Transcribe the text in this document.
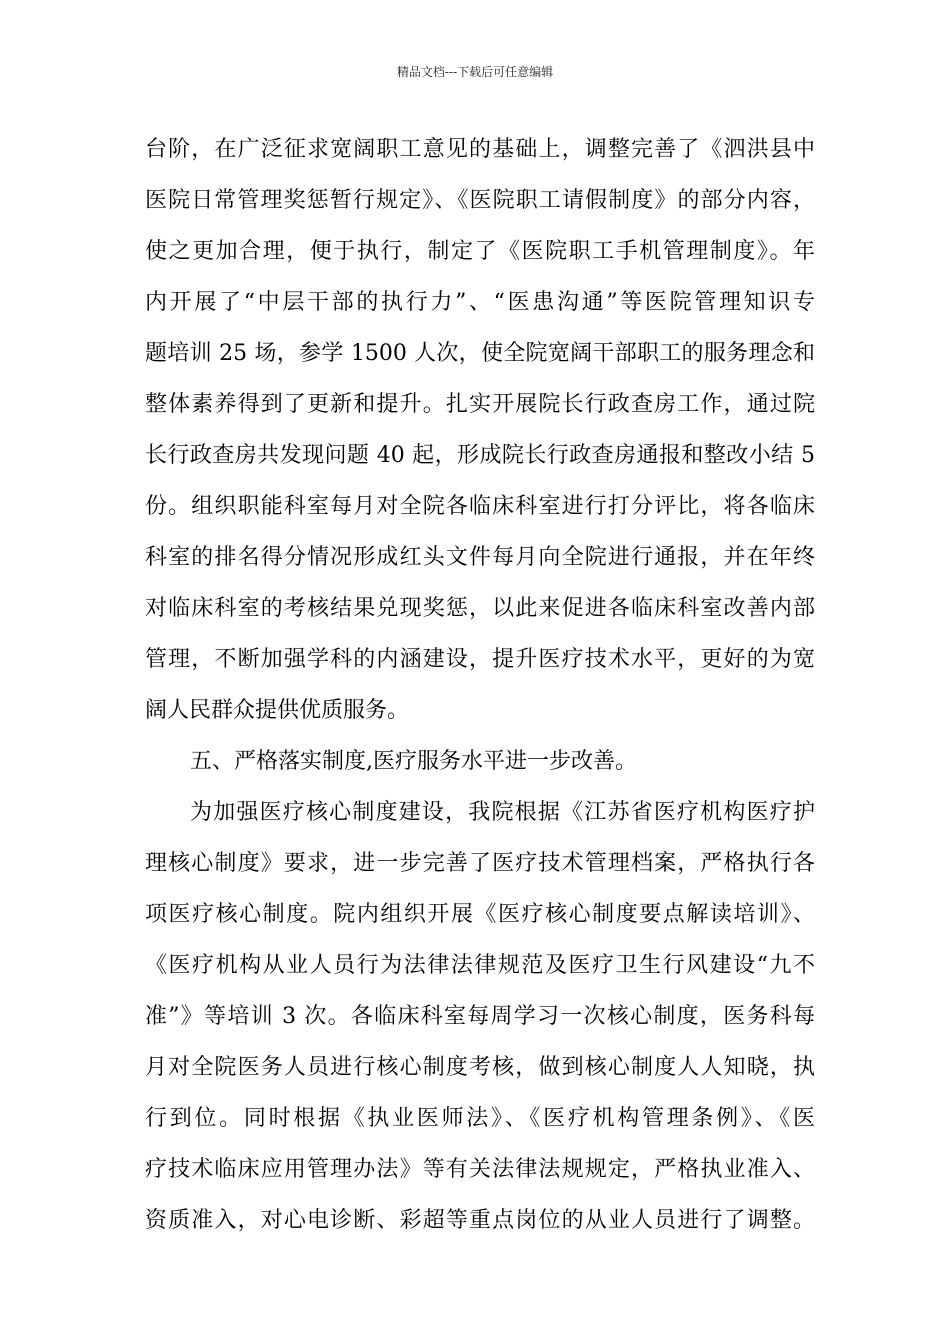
精品文档---下载后可任意编辑
台阶，在广泛征求宽阔职工意见的基础上，调整完善了《泗洪县中
医院日常管理奖惩暂行规定》、《医院职工请假制度》的部分内容，
使之更加合理，便于执行，制定了《医院职工手机管理制度》。年
内开展了“中层干部的执行力”、“医患沟通”等医院管理知识专
题培训 25 场，参学 1500 人次，使全院宽阔干部职工的服务理念和
整体素养得到了更新和提升。扎实开展院长行政查房工作，通过院
长行政查房共发现问题 40 起，形成院长行政查房通报和整改小结 5
份。组织职能科室每月对全院各临床科室进行打分评比，将各临床
科室的排名得分情况形成红头文件每月向全院进行通报，并在年终
对临床科室的考核结果兑现奖惩，以此来促进各临床科室改善内部
管理，不断加强学科的内涵建设，提升医疗技术水平，更好的为宽
阔人民群众提供优质服务。
五、严格落实制度,医疗服务水平进一步改善。
为加强医疗核心制度建设，我院根据《江苏省医疗机构医疗护
理核心制度》要求，进一步完善了医疗技术管理档案，严格执行各
项医疗核心制度。院内组织开展《医疗核心制度要点解读培训》、
《医疗机构从业人员行为法律法律规范及医疗卫生行风建设“九不
准”》等培训 3 次。各临床科室每周学习一次核心制度，医务科每
月对全院医务人员进行核心制度考核，做到核心制度人人知晓，执
行到位。同时根据《执业医师法》、《医疗机构管理条例》、《医
疗技术临床应用管理办法》等有关法律法规规定，严格执业准入、
资质准入，对心电诊断、彩超等重点岗位的从业人员进行了调整。
